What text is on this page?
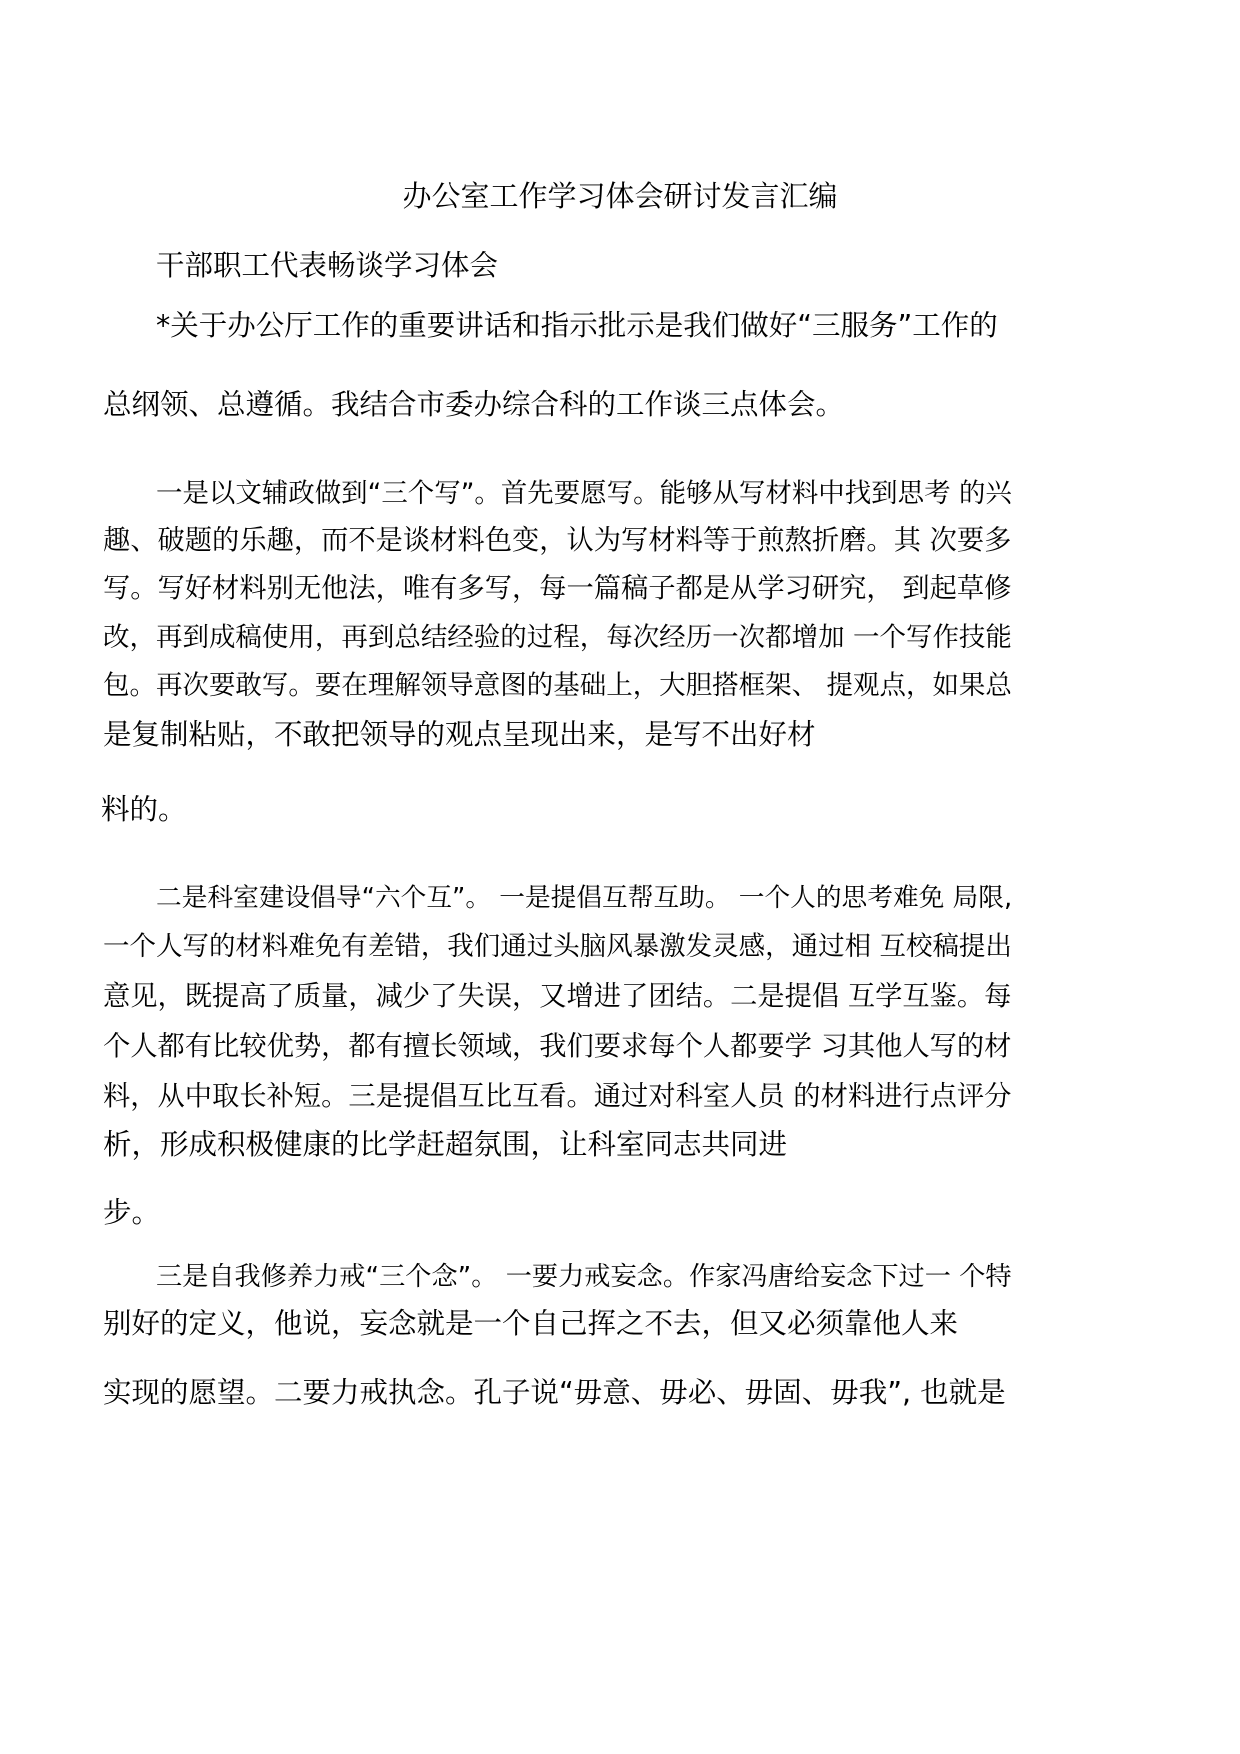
办公室工作学习体会研讨发言汇编
干部职工代表畅谈学习体会
*关于办公厅工作的重要讲话和指示批示是我们做好“三服务”工作的
总纲领、总遵循。我结合市委办综合科的工作谈三点体会。
一是以文辅政做到“三个写”。首先要愿写。能够从写材料中找到思考 的兴
趣、破题的乐趣，而不是谈材料色变，认为写材料等于煎熬折磨。其 次要多
写。写好材料别无他法，唯有多写，每一篇稿子都是从学习研究， 到起草修
改，再到成稿使用，再到总结经验的过程，每次经历一次都增加 一个写作技能
包。再次要敢写。要在理解领导意图的基础上，大胆搭框架、 提观点，如果总
是复制粘贴，不敢把领导的观点呈现出来，是写不出好材
料的。
二是科室建设倡导“六个互”。 一是提倡互帮互助。 一个人的思考难免 局限,
一个人写的材料难免有差错，我们通过头脑风暴激发灵感，通过相 互校稿提出
意见，既提高了质量，减少了失误，又增进了团结。二是提倡 互学互鉴。每
个人都有比较优势，都有擅长领域，我们要求每个人都要学 习其他人写的材
料，从中取长补短。三是提倡互比互看。通过对科室人员 的材料进行点评分
析，形成积极健康的比学赶超氛围，让科室同志共同进
步。
三是自我修养力戒“三个念”。 一要力戒妄念。作家冯唐给妄念下过一 个特
别好的定义，他说，妄念就是一个自己挥之不去，但又必须靠他人来
实现的愿望。二要力戒执念。孔子说“毋意、毋必、毋固、毋我”, 也就是
